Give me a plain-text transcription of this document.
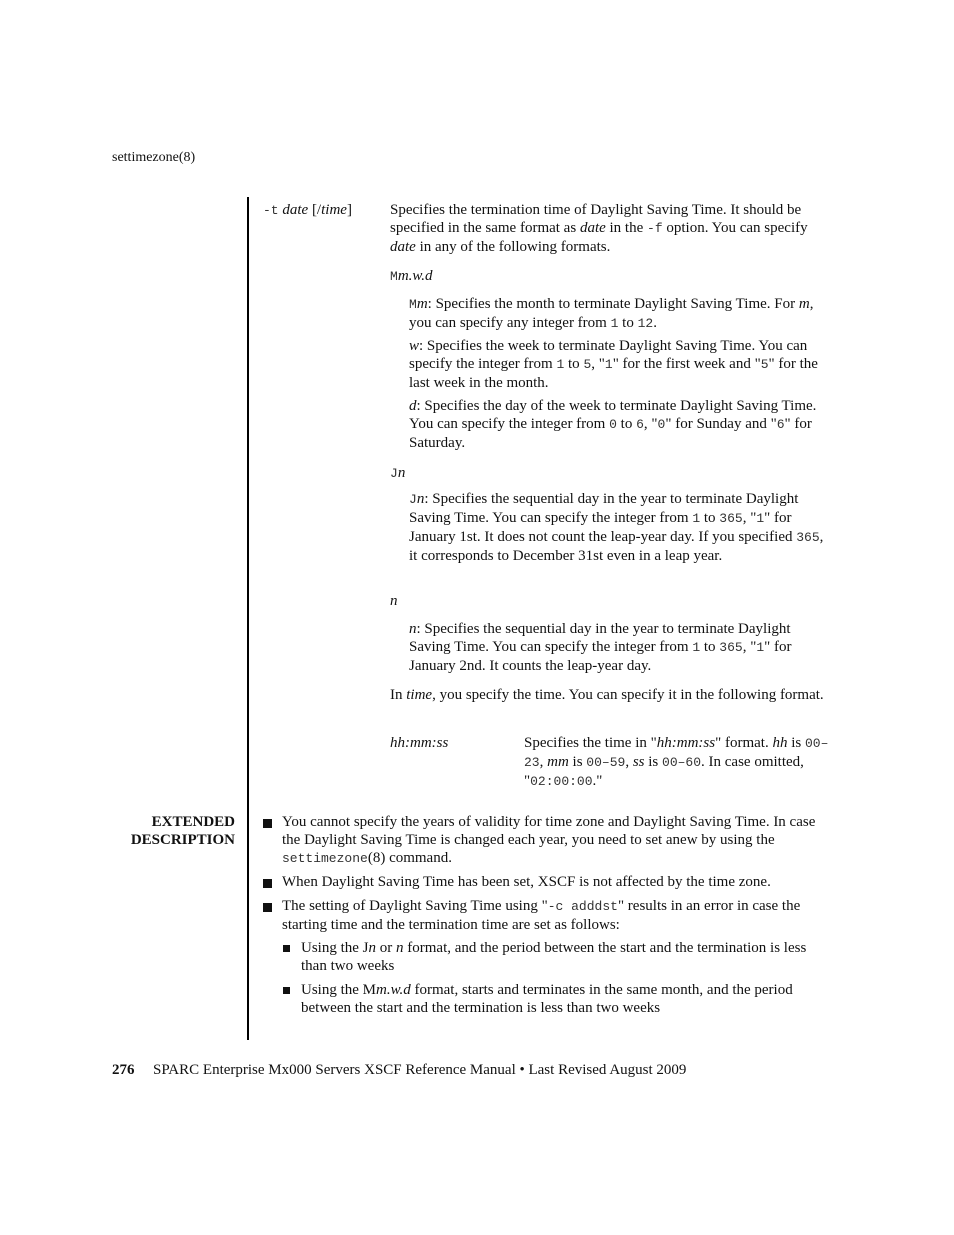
settimezone(8)
-t date [/time]	Specifies the termination time of Daylight Saving Time. It should be specified in the same format as date in the -f option. You can specify date in any of the following formats.

Mm.w.d

Mm: Specifies the month to terminate Daylight Saving Time. For m, you can specify any integer from 1 to 12.

w: Specifies the week to terminate Daylight Saving Time. You can specify the integer from 1 to 5, "1" for the first week and "5" for the last week in the month.

d: Specifies the day of the week to terminate Daylight Saving Time. You can specify the integer from 0 to 6, "0" for Sunday and "6" for Saturday.

Jn

Jn: Specifies the sequential day in the year to terminate Daylight Saving Time. You can specify the integer from 1 to 365, "1" for January 1st. It does not count the leap-year day. If you specified 365, it corresponds to December 31st even in a leap year.

n

n: Specifies the sequential day in the year to terminate Daylight Saving Time. You can specify the integer from 1 to 365, "1" for January 2nd. It counts the leap-year day.

In time, you specify the time. You can specify it in the following format.
hh:mm:ss	Specifies the time in "hh:mm:ss" format. hh is 00–23, mm is 00–59, ss is 00–60. In case omitted, "02:00:00."
EXTENDED
DESCRIPTION
You cannot specify the years of validity for time zone and Daylight Saving Time. In case the Daylight Saving Time is changed each year, you need to set anew by using the settimezone(8) command.
When Daylight Saving Time has been set, XSCF is not affected by the time zone.
The setting of Daylight Saving Time using "-c adddst" results in an error in case the starting time and the termination time are set as follows:
Using the Jn or n format, and the period between the start and the termination is less than two weeks
Using the Mm.w.d format, starts and terminates in the same month, and the period between the start and the termination is less than two weeks
276 SPARC Enterprise Mx000 Servers XSCF Reference Manual • Last Revised August 2009
